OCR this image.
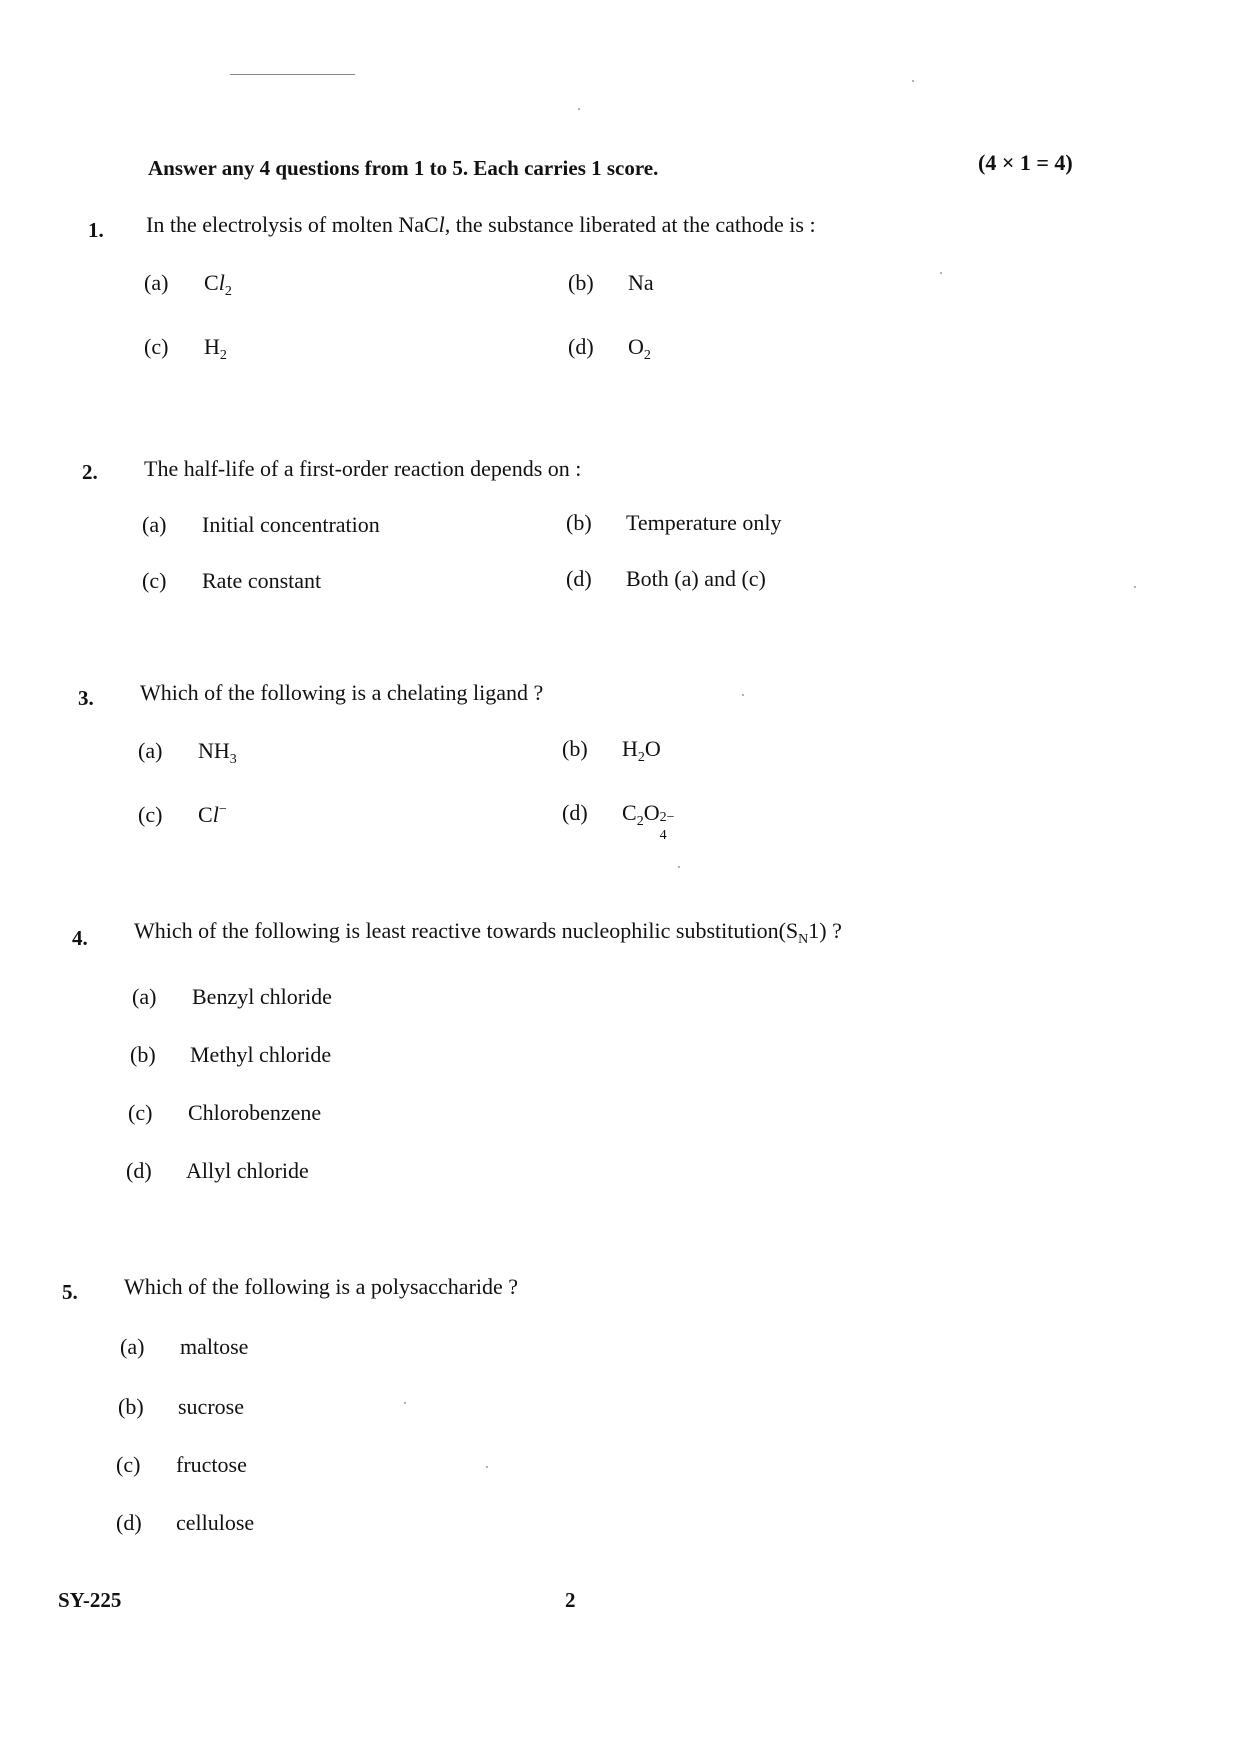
Answer any 4 questions from 1 to 5. Each carries 1 score.	(4 × 1 = 4)
1. In the electrolysis of molten NaCl, the substance liberated at the cathode is :
(a) $Cl_2$	(b) Na
(c) $H_2$	(d) $O_2$
2. The half-life of a first-order reaction depends on :
(a) Initial concentration	(b) Temperature only
(c) Rate constant	(d) Both (a) and (c)
3. Which of the following is a chelating ligand ?
(a) $NH_3$	(b) $H_2O$
(c) Cl−	(d) $C_2O$ 2−
4
4. Which of the following is least reactive towards nucleophilic $substitution(S_N1)$ ?
(a) Benzyl chloride
(b) Methyl chloride
(c) Chlorobenzene
(d) Allyl chloride
5. Which of the following is a polysaccharide ?
(a) maltose
(b) sucrose
(c) fructose
(d) cellulose
SY-225	2
